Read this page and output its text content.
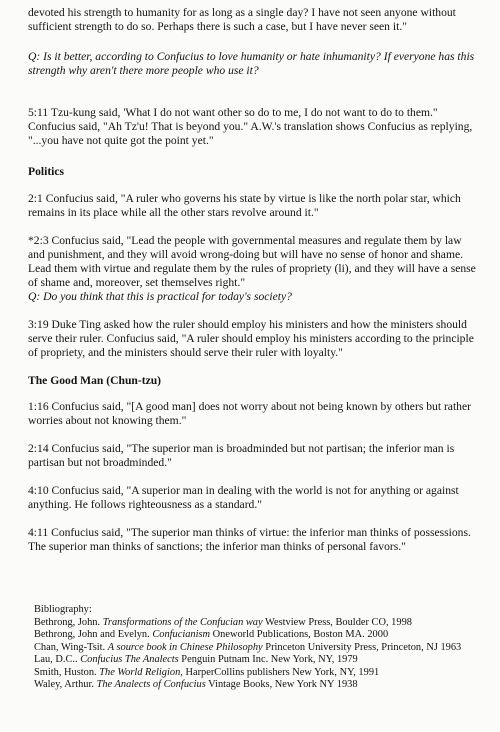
devoted his strength to humanity for as long as a single day? I have not seen anyone without sufficient strength to do so. Perhaps there is such a case, but I have never seen it."

Q: Is it better, according to Confucius to love humanity or hate inhumanity? If everyone has this strength why aren't there more people who use it?

5:11 Tzu-kung said, 'What I do not want other so do to me, I do not want to do to them." Confucius said, "Ah Tz'u! That is beyond you." A.W.'s translation shows Confucius as replying, "...you have not quite got the point yet."

Politics

2:1 Confucius said, "A ruler who governs his state by virtue is like the north polar star, which remains in its place while all the other stars revolve around it."

*2:3 Confucius said, "Lead the people with governmental measures and regulate them by law and punishment, and they will avoid wrong-doing but will have no sense of honor and shame. Lead them with virtue and regulate them by the rules of propriety (li), and they will have a sense of shame and, moreover, set themselves right."

Q: Do you think that this is practical for today's society?

3:19 Duke Ting asked how the ruler should employ his ministers and how the ministers should serve their ruler. Confucius said, "A ruler should employ his ministers according to the principle of propriety, and the ministers should serve their ruler with loyalty."

The Good Man (Chun-tzu)

1:16 Confucius said, "[A good man] does not worry about not being known by others but rather worries about not knowing them."

2:14 Confucius said, "The superior man is broadminded but not partisan; the inferior man is partisan but not broadminded."

4:10 Confucius said, "A superior man in dealing with the world is not for anything or against anything. He follows righteousness as a standard."

4:11 Confucius said, "The superior man thinks of virtue: the inferior man thinks of possessions. The superior man thinks of sanctions; the inferior man thinks of personal favors."

Bibliography:

Bethrong, John. Transformations of the Confucian way Westview Press, Boulder CO, 1998

Bethrong, John and Evelyn. Confucianism Oneworld Publications, Boston MA. 2000

Chan, Wing-Tsit. A source book in Chinese Philosophy Princeton University Press, Princeton, NJ 1963

Lau, D.C.. Confucius The Analects Penguin Putnam Inc. New York, NY, 1979

Smith, Huston. The World Religion, HarperCollins publishers New York, NY, 1991

Waley, Arthur. The Analects of Confucius Vintage Books, New York NY 1938
